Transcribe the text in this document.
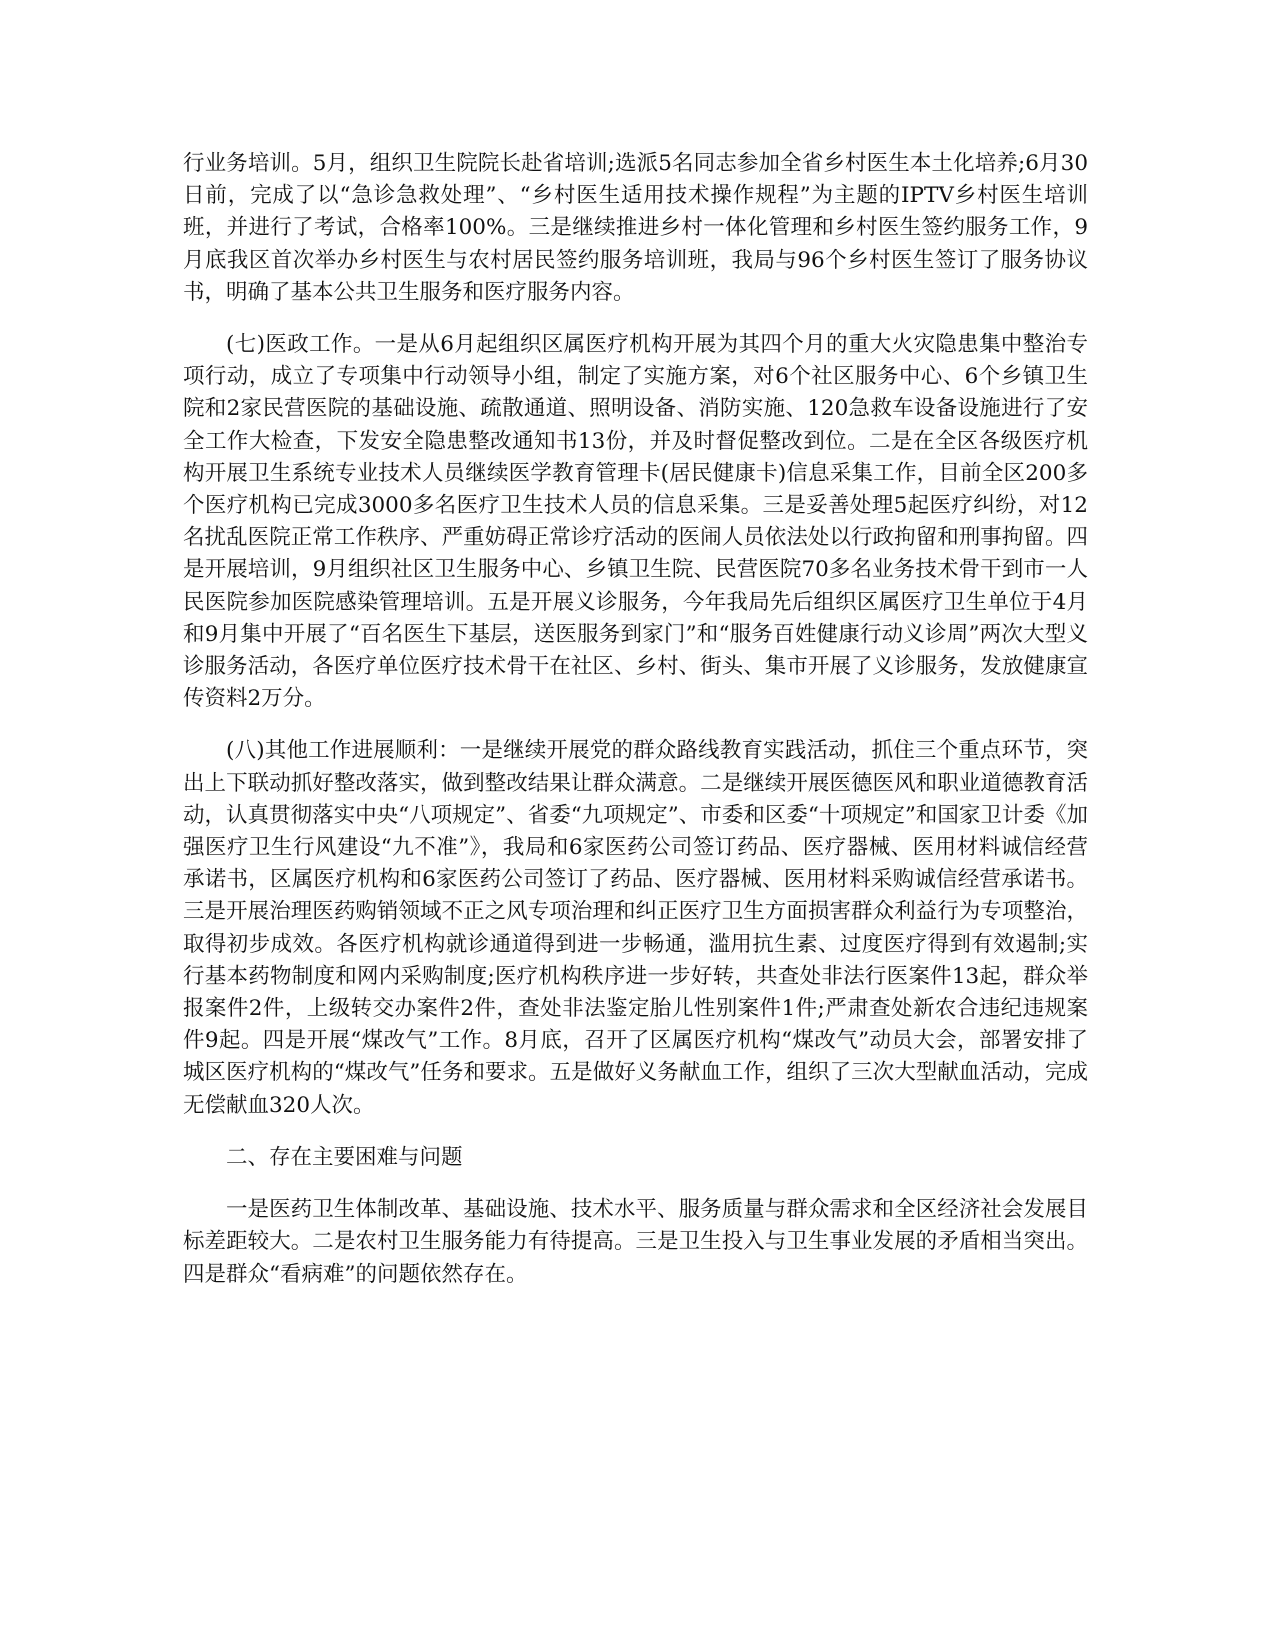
行业务培训。5月，组织卫生院院长赴省培训;选派5名同志参加全省乡村医生本土化培养;6月30日前，完成了以“急诊急救处理”、“乡村医生适用技术操作规程”为主题的IPTV乡村医生培训班，并进行了考试，合格率100%。三是继续推进乡村一体化管理和乡村医生签约服务工作，9月底我区首次举办乡村医生与农村居民签约服务培训班，我局与96个乡村医生签订了服务协议书，明确了基本公共卫生服务和医疗服务内容。

(七)医政工作。一是从6月起组织区属医疗机构开展为其四个月的重大火灾隐患集中整治专项行动，成立了专项集中行动领导小组，制定了实施方案，对6个社区服务中心、6个乡镇卫生院和2家民营医院的基础设施、疏散通道、照明设备、消防实施、120急救车设备设施进行了安全工作大检查，下发安全隐患整改通知书13份，并及时督促整改到位。二是在全区各级医疗机构开展卫生系统专业技术人员继续医学教育管理卡(居民健康卡)信息采集工作，目前全区200多个医疗机构已完成3000多名医疗卫生技术人员的信息采集。三是妥善处理5起医疗纠纷，对12名扰乱医院正常工作秩序、严重妨碍正常诊疗活动的医闹人员依法处以行政拘留和刑事拘留。四是开展培训，9月组织社区卫生服务中心、乡镇卫生院、民营医院70多名业务技术骨干到市一人民医院参加医院感染管理培训。五是开展义诊服务，今年我局先后组织区属医疗卫生单位于4月和9月集中开展了“百名医生下基层，送医服务到家门”和“服务百姓健康行动义诊周”两次大型义诊服务活动，各医疗单位医疗技术骨干在社区、乡村、街头、集市开展了义诊服务，发放健康宣传资料2万分。

(八)其他工作进展顺利：一是继续开展党的群众路线教育实践活动，抓住三个重点环节，突出上下联动抓好整改落实，做到整改结果让群众满意。二是继续开展医德医风和职业道德教育活动，认真贯彻落实中央“八项规定”、省委“九项规定”、市委和区委“十项规定”和国家卫计委《加强医疗卫生行风建设“九不准”》，我局和6家医药公司签订药品、医疗器械、医用材料诚信经营承诺书，区属医疗机构和6家医药公司签订了药品、医疗器械、医用材料采购诚信经营承诺书。三是开展治理医药购销领域不正之风专项治理和纠正医疗卫生方面损害群众利益行为专项整治，取得初步成效。各医疗机构就诊通道得到进一步畅通，滥用抗生素、过度医疗得到有效遏制;实行基本药物制度和网内采购制度;医疗机构秩序进一步好转，共查处非法行医案件13起，群众举报案件2件，上级转交办案件2件，查处非法鉴定胎儿性别案件1件;严肃查处新农合违纪违规案件9起。四是开展“煤改气”工作。8月底，召开了区属医疗机构“煤改气”动员大会，部署安排了城区医疗机构的“煤改气”任务和要求。五是做好义务献血工作，组织了三次大型献血活动，完成无偿献血320人次。

二、存在主要困难与问题

一是医药卫生体制改革、基础设施、技术水平、服务质量与群众需求和全区经济社会发展目标差距较大。二是农村卫生服务能力有待提高。三是卫生投入与卫生事业发展的矛盾相当突出。四是群众“看病难”的问题依然存在。
